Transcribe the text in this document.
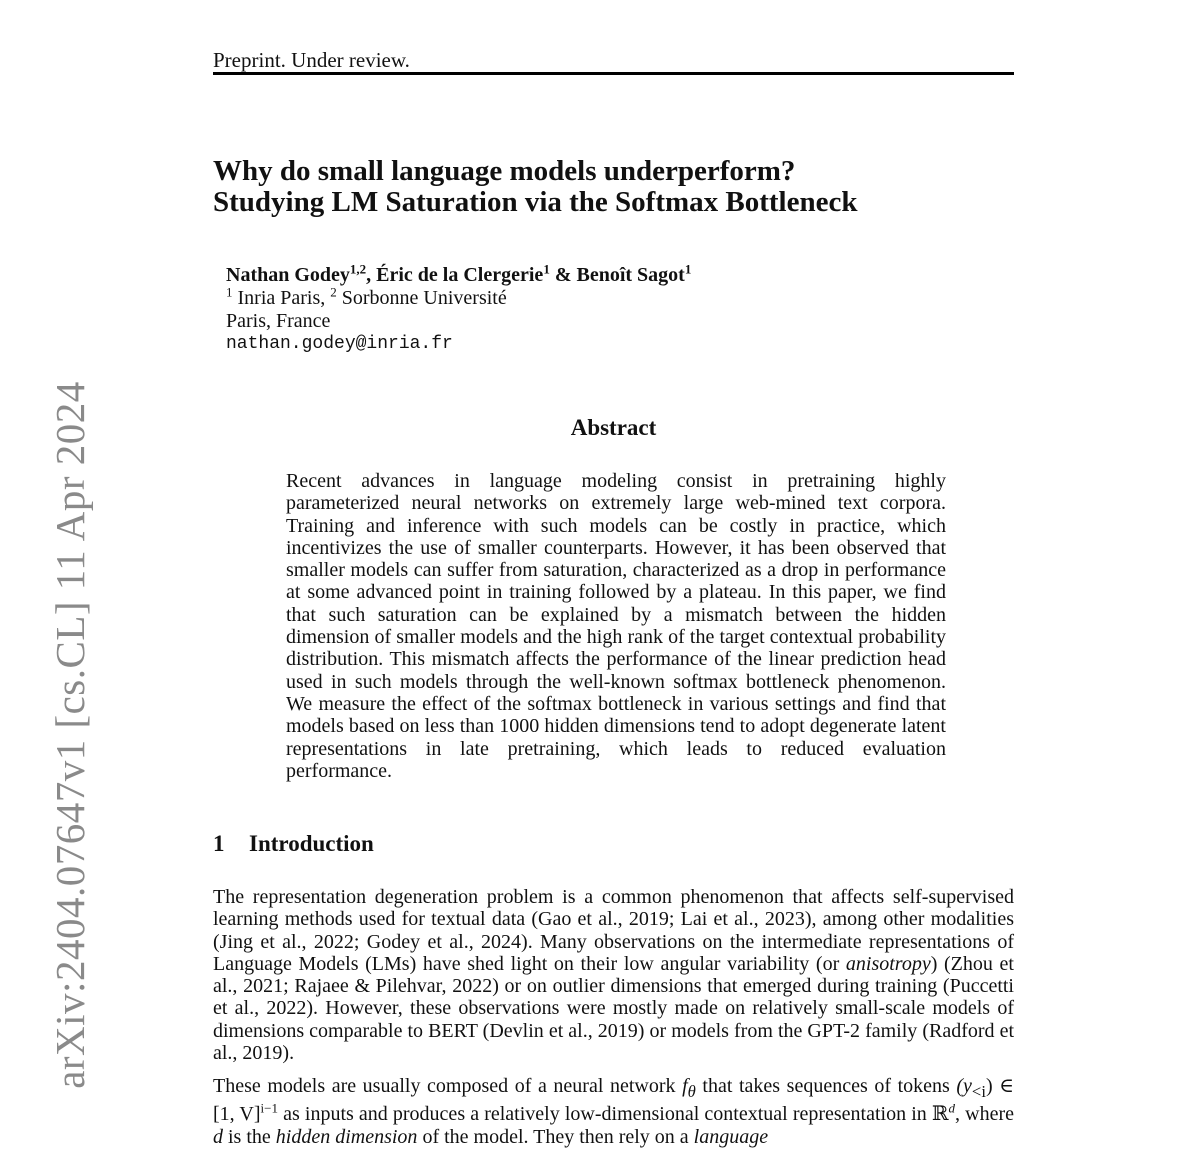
Preprint. Under review.
arXiv:2404.07647v1 [cs.CL] 11 Apr 2024
Why do small language models underperform?
Studying LM Saturation via the Softmax Bottleneck
Nathan Godey$^{1,2}$, Éric de la Clergerie$^1$ & Benoît Sagot$^1$
$^1$ Inria Paris, $^2$ Sorbonne Université
Paris, France
nathan.godey@inria.fr
Abstract

Recent advances in language modeling consist in pretraining highly parameterized neural networks on extremely large web-mined text corpora. Training and inference with such models can be costly in practice, which incentivizes the use of smaller counterparts. However, it has been observed that smaller models can suffer from saturation, characterized as a drop in performance at some advanced point in training followed by a plateau. In this paper, we find that such saturation can be explained by a mismatch between the hidden dimension of smaller models and the high rank of the target contextual probability distribution. This mismatch affects the performance of the linear prediction head used in such models through the well-known softmax bottleneck phenomenon. We measure the effect of the softmax bottleneck in various settings and find that models based on less than 1000 hidden dimensions tend to adopt degenerate latent representations in late pretraining, which leads to reduced evaluation performance.

1 Introduction

The representation degeneration problem is a common phenomenon that affects self-supervised learning methods used for textual data (Gao et al., 2019; Lai et al., 2023), among other modalities (Jing et al., 2022; Godey et al., 2024). Many observations on the intermediate representations of Language Models (LMs) have shed light on their low angular variability (or anisotropy) (Zhou et al., 2021; Rajaee & Pilehvar, 2022) or on outlier dimensions that emerged during training (Puccetti et al., 2022). However, these observations were mostly made on relatively small-scale models of dimensions comparable to BERT (Devlin et al., 2019) or models from the GPT-2 family (Radford et al., 2019).

These models are usually composed of a neural network $f_\theta$ that takes sequences of tokens $(y_{<i})$ ∈ [1, V]$^{i-1}$ as inputs and produces a relatively low-dimensional contextual representation in ℝ$^d$, where d is the hidden dimension of the model. They then rely on a language
